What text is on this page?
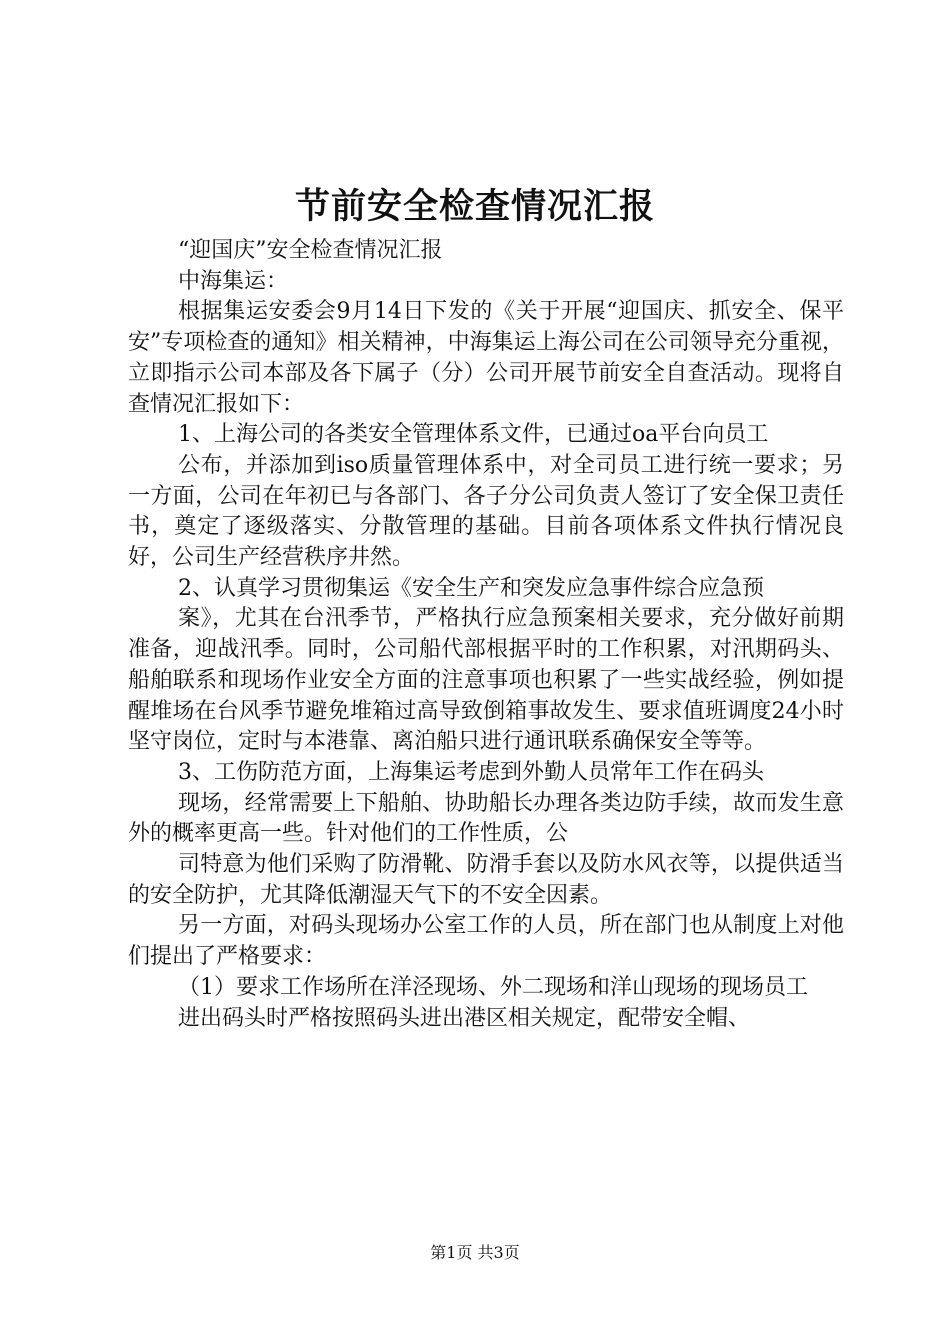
节前安全检查情况汇报

“迎国庆”安全检查情况汇报

中海集运：

根据集运安委会9月14日下发的《关于开展“迎国庆、抓安全、保平安”专项检查的通知》相关精神，中海集运上海公司在公司领导充分重视，立即指示公司本部及各下属子（分）公司开展节前安全自查活动。现将自查情况汇报如下：

1、上海公司的各类安全管理体系文件，已通过oa平台向员工

公布，并添加到iso质量管理体系中，对全司员工进行统一要求；另一方面，公司在年初已与各部门、各子分公司负责人签订了安全保卫责任书，奠定了逐级落实、分散管理的基础。目前各项体系文件执行情况良好，公司生产经营秩序井然。

2、认真学习贯彻集运《安全生产和突发应急事件综合应急预

案》，尤其在台汛季节，严格执行应急预案相关要求，充分做好前期准备，迎战汛季。同时，公司船代部根据平时的工作积累，对汛期码头、船舶联系和现场作业安全方面的注意事项也积累了一些实战经验，例如提醒堆场在台风季节避免堆箱过高导致倒箱事故发生、要求值班调度24小时坚守岗位，定时与本港靠、离泊船只进行通讯联系确保安全等等。

3、工伤防范方面，上海集运考虑到外勤人员常年工作在码头

现场，经常需要上下船舶、协助船长办理各类边防手续，故而发生意外的概率更高一些。针对他们的工作性质，公

司特意为他们采购了防滑靴、防滑手套以及防水风衣等，以提供适当的安全防护，尤其降低潮湿天气下的不安全因素。

另一方面，对码头现场办公室工作的人员，所在部门也从制度上对他们提出了严格要求：

（1）要求工作场所在洋泾现场、外二现场和洋山现场的现场员工

进出码头时严格按照码头进出港区相关规定，配带安全帽、

第1页 共3页
